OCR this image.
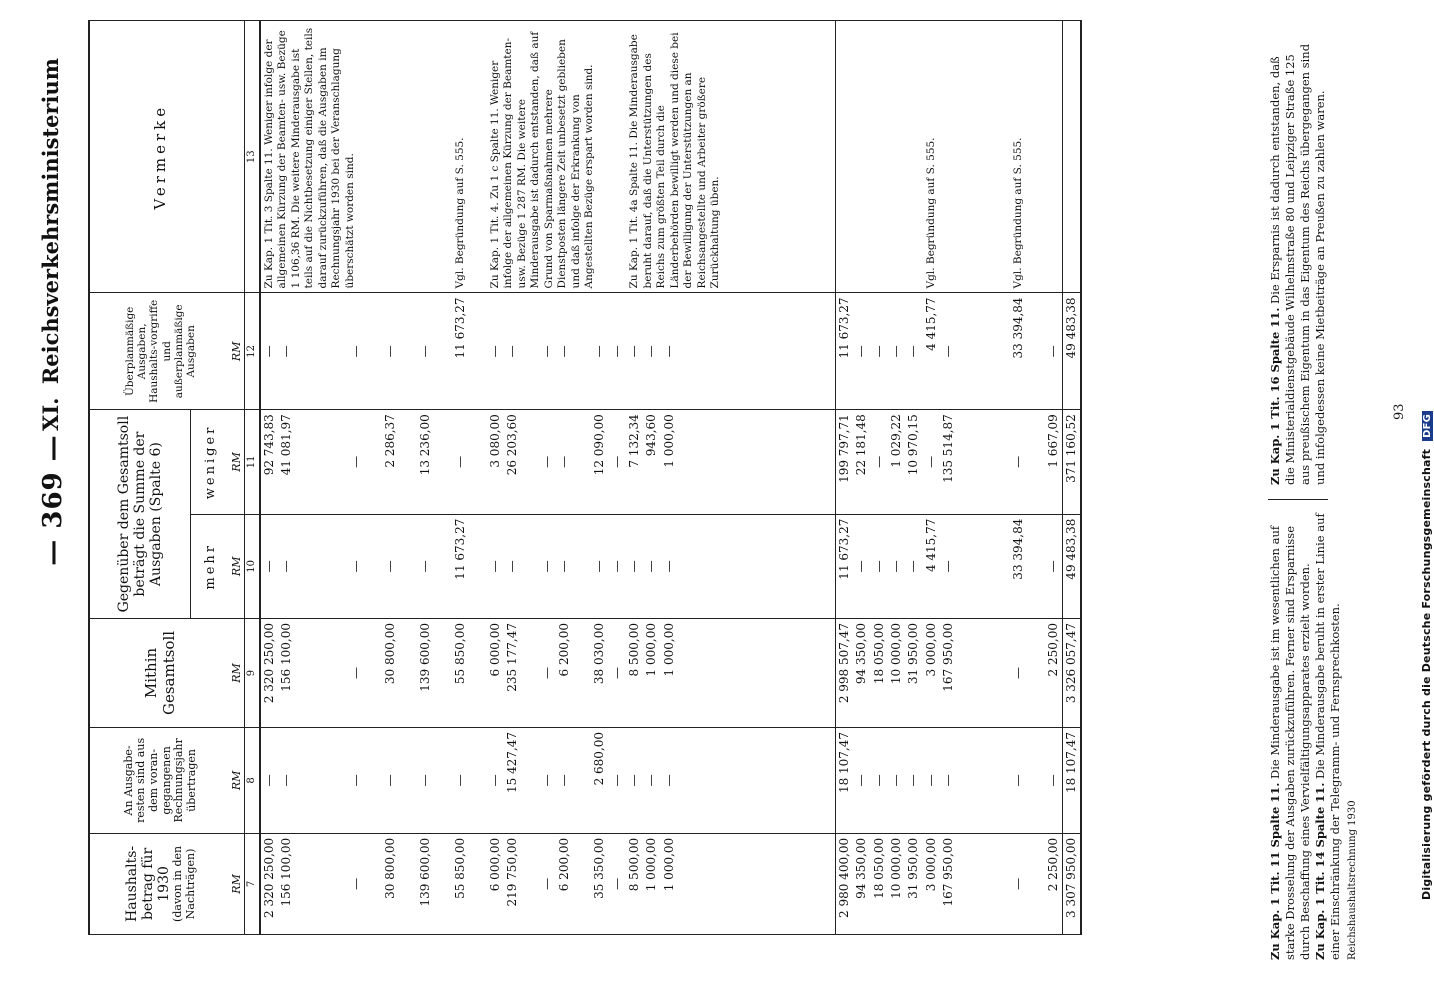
— 369 —
XI. Reichsverkehrsministerium
Haushalts-betrag für 1930 (davon in den Nachträgen)	An Ausgabe-resten sind aus dem voran-gegangenen Rechnungsjahr übertragen	Mithin Gesamtsoll	Gegenüber dem Gesamtsoll beträgt die Summe der Ausgaben (Spalte 6)		Überplanmäßige Ausgaben, Haushalts-vorgriffe und außerplanmäßige Ausgaben	Vermerke
			mehr	weniger		
RM	RM	RM	RM	RM	RM	
7	8	9	10	11	12	13
2 320 250,00	—	2 320 250,00	—	92 743,83	—	Zu Kap. 1 Tit. 3 Spalte 11. Weniger infolge der allgemeinen Kürzung der Beamten- usw. Bezüge 1 106,36 RM. Die weitere Minderausgabe ist teils auf die Nichtbesetzung einiger Stellen, teils darauf zurückzuführen, daß die Ausgaben im Rechnungsjahr 1930 bei der Veranschlagung überschätzt worden sind.
156 100,00	—	156 100,00	—	41 081,97	—	

—	—	—	—	—	—	

30 800,00	—	30 800,00	—	2 286,37	—	

139 600,00	—	139 600,00	—	13 236,00	—	

55 850,00	—	55 850,00	11 673,27	—	11 673,27	Vgl. Begründung auf S. 555.

6 000,00	—	6 000,00	—	3 080,00	—	Zu Kap. 1 Tit. 4. Zu 1 c Spalte 11. Weniger infolge der allgemeinen Kürzung der Beamten- usw. Bezüge 1 287 RM. Die weitere Minderausgabe ist dadurch entstanden, daß auf Grund von Sparmaßnahmen mehrere Dienstposten längere Zeit unbesetzt geblieben und daß infolge der Erkrankung von Angestellten Bezüge erspart worden sind.
219 750,00	15 427,47	235 177,47	—	26 203,60	—	

—	—	—	—	—	—	
6 200,00	—	6 200,00	—	—	—	

35 350,00	2 680,00	38 030,00	—	12 090,00	—	
—	—	—	—	—	—	
8 500,00	—	8 500,00	—	7 132,34	—	Zu Kap. 1 Tit. 4a Spalte 11. Die Minderausgabe beruht darauf, daß die Unterstützungen des Reichs zum größten Teil durch die Länderbehörden bewilligt werden und diese bei der Bewilligung der Unterstützungen an Reichsangestellte und Arbeiter größere Zurückhaltung üben.
1 000,00	—	1 000,00	—	943,60	—	
1 000,00	—	1 000,00	—	1 000,00	—	

2 980 400,00	18 107,47	2 998 507,47	11 673,27	199 797,71	11 673,27	
94 350,00	—	94 350,00	—	22 181,48	—	
18 050,00	—	18 050,00	—	—	—	
10 000,00	—	10 000,00	—	1 029,22	—	
31 950,00	—	31 950,00	—	10 970,15	—	
3 000,00	—	3 000,00	4 415,77	—	4 415,77	Vgl. Begründung auf S. 555.
167 950,00	—	167 950,00	—	135 514,87	—	

—	—	—	33 394,84	—	33 394,84	Vgl. Begründung auf S. 555.

2 250,00	—	2 250,00	—	1 667,09	—	
3 307 950,00	18 107,47	3 326 057,47	49 483,38	371 160,52	49 483,38	
Zu Kap. 1 Tit. 11 Spalte 11. Die Minderausgabe ist im wesentlichen auf starke Drosselung der Ausgaben zurückzuführen. Ferner sind Ersparnisse durch Beschaffung eines Vervielfältigungsapparates erzielt worden. Zu Kap. 1 Tit. 14 Spalte 11. Die Minderausgabe beruht in erster Linie auf einer Einschränkung der Telegramm- und Fernsprechkosten.
Zu Kap. 1 Tit. 16 Spalte 11. Die Ersparnis ist dadurch entstanden, daß die Ministerialdienstgebäude Wilhelmstraße 80 und Leipziger Straße 125 aus preußischem Eigentum in das Eigentum des Reichs übergegangen sind und infolgedessen keine Mietbeiträge an Preußen zu zahlen waren.
Reichshaushaltsrechnung 1930
93
Digitalisierung gefördert durch die Deutsche Forschungsgemeinschaft DFG
